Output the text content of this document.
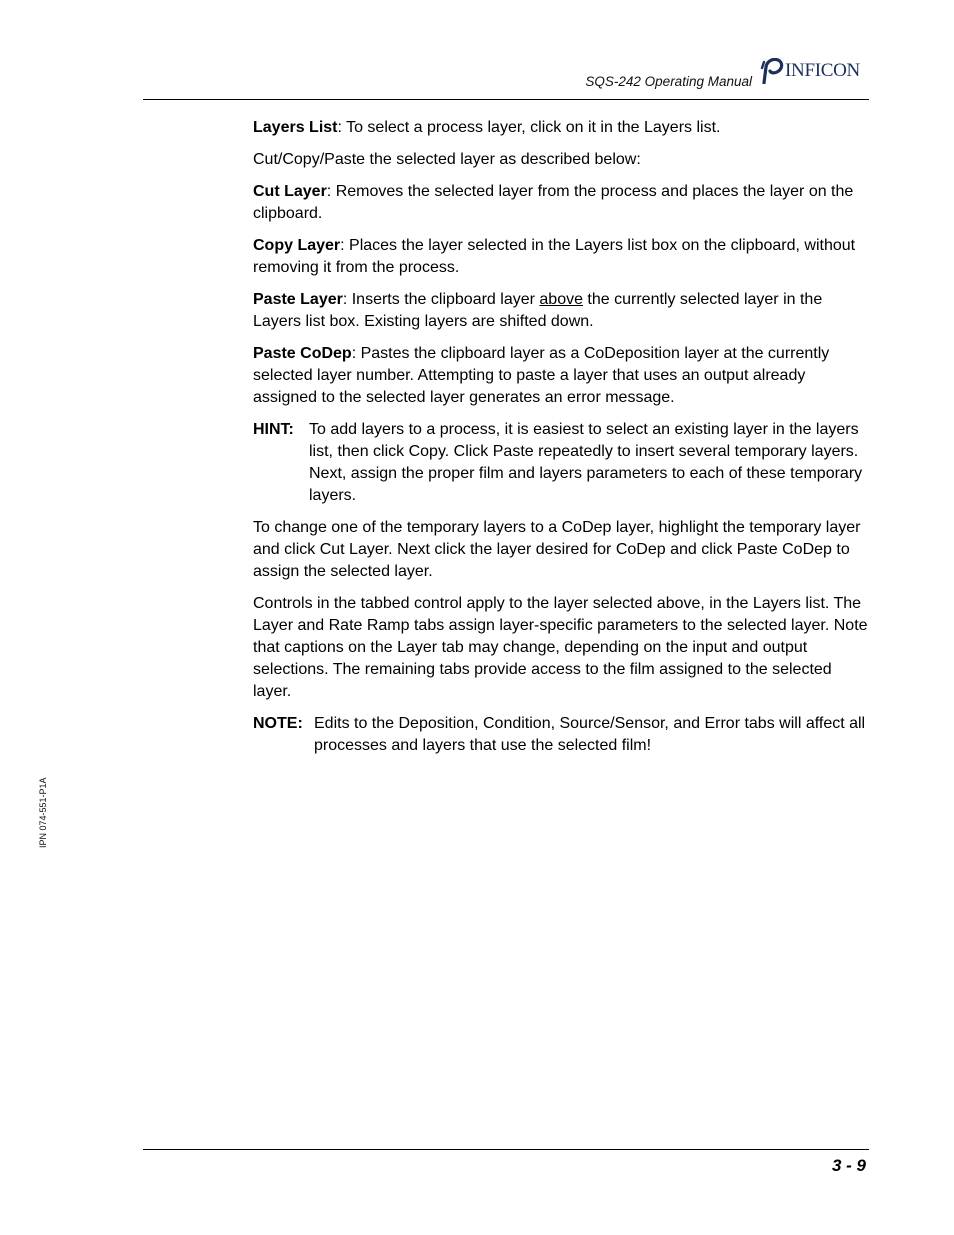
SQS-242 Operating Manual
INFICON

Layers List: To select a process layer, click on it in the Layers list.

Cut/Copy/Paste the selected layer as described below:

Cut Layer: Removes the selected layer from the process and places the layer on the clipboard.

Copy Layer: Places the layer selected in the Layers list box on the clipboard, without removing it from the process.

Paste Layer: Inserts the clipboard layer above the currently selected layer in the Layers list box. Existing layers are shifted down.

Paste CoDep: Pastes the clipboard layer as a CoDeposition layer at the currently selected layer number. Attempting to paste a layer that uses an output already assigned to the selected layer generates an error message.

HINT: To add layers to a process, it is easiest to select an existing layer in the layers list, then click Copy. Click Paste repeatedly to insert several temporary layers. Next, assign the proper film and layers parameters to each of these temporary layers.

To change one of the temporary layers to a CoDep layer, highlight the temporary layer and click Cut Layer. Next click the layer desired for CoDep and click Paste CoDep to assign the selected layer.

Controls in the tabbed control apply to the layer selected above, in the Layers list. The Layer and Rate Ramp tabs assign layer-specific parameters to the selected layer. Note that captions on the Layer tab may change, depending on the input and output selections. The remaining tabs provide access to the film assigned to the selected layer.

NOTE: Edits to the Deposition, Condition, Source/Sensor, and Error tabs will affect all processes and layers that use the selected film!
IPN 074-551-P1A
3 - 9
